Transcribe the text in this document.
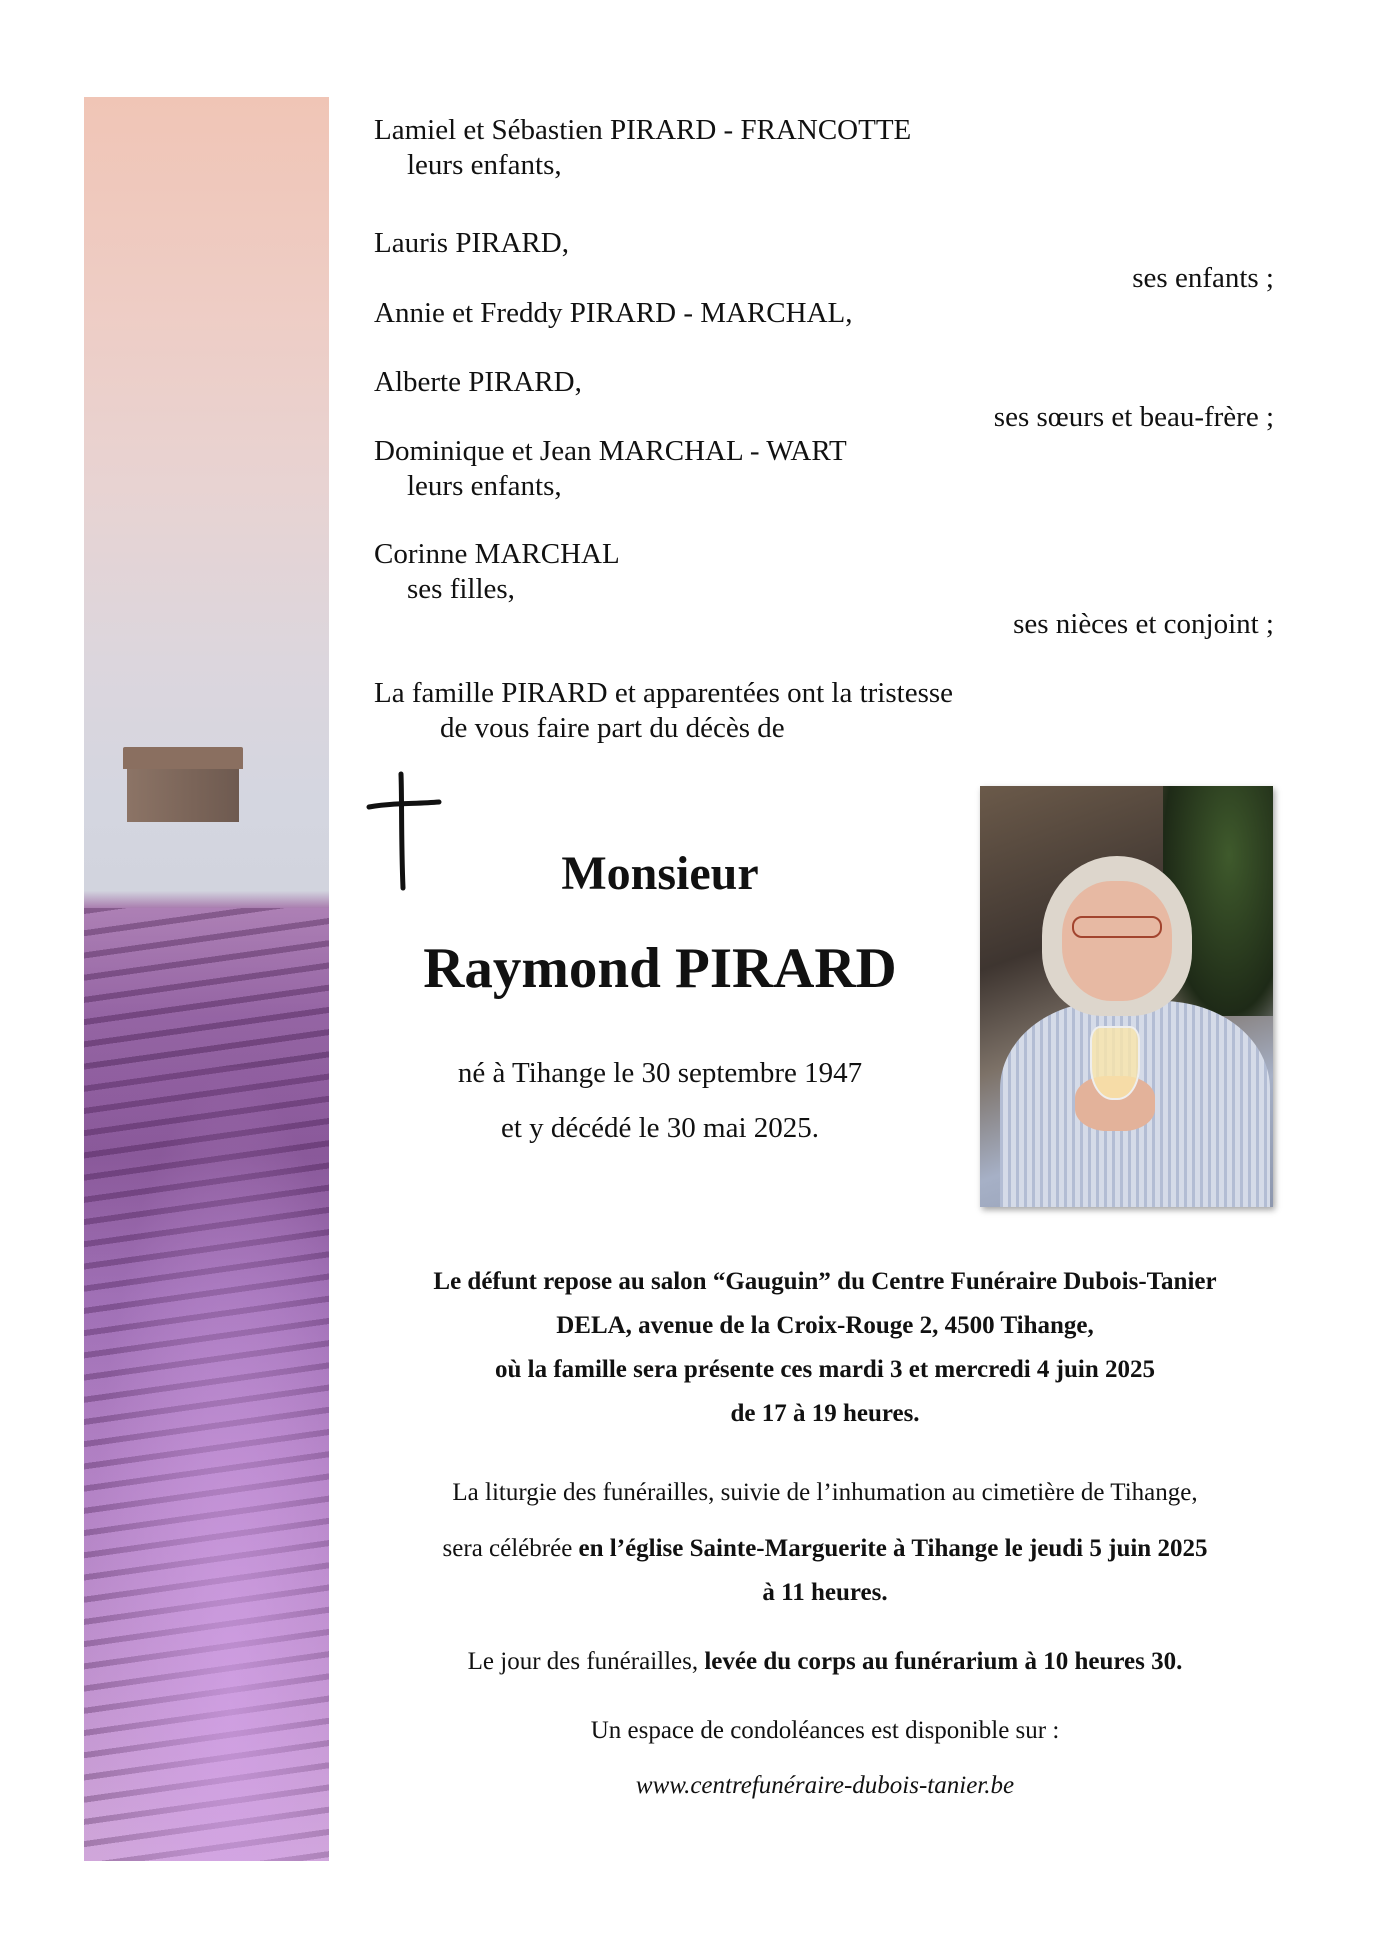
Lamiel et Sébastien PIRARD - FRANCOTTE
leurs enfants,
Lauris PIRARD,
ses enfants ;
Annie et Freddy PIRARD - MARCHAL,
Alberte PIRARD,
ses sœurs et beau-frère ;
Dominique et Jean MARCHAL - WART
leurs enfants,
Corinne MARCHAL
ses filles,
ses nièces et conjoint ;
La famille PIRARD et apparentées ont la tristesse
de vous faire part du décès de
Monsieur
Raymond PIRARD
né à Tihange le 30 septembre 1947
et y décédé le 30 mai 2025.
Le défunt repose au salon “Gauguin” du Centre Funéraire Dubois-Tanier
DELA, avenue de la Croix-Rouge 2, 4500 Tihange,
où la famille sera présente ces mardi 3 et mercredi 4 juin 2025
de 17 à 19 heures.
La liturgie des funérailles, suivie de l’inhumation au cimetière de Tihange,
sera célébrée en l’église Sainte-Marguerite à Tihange le jeudi 5 juin 2025
à 11 heures.
Le jour des funérailles, levée du corps au funérarium à 10 heures 30.
Un espace de condoléances est disponible sur :
www.centrefunéraire-dubois-tanier.be
